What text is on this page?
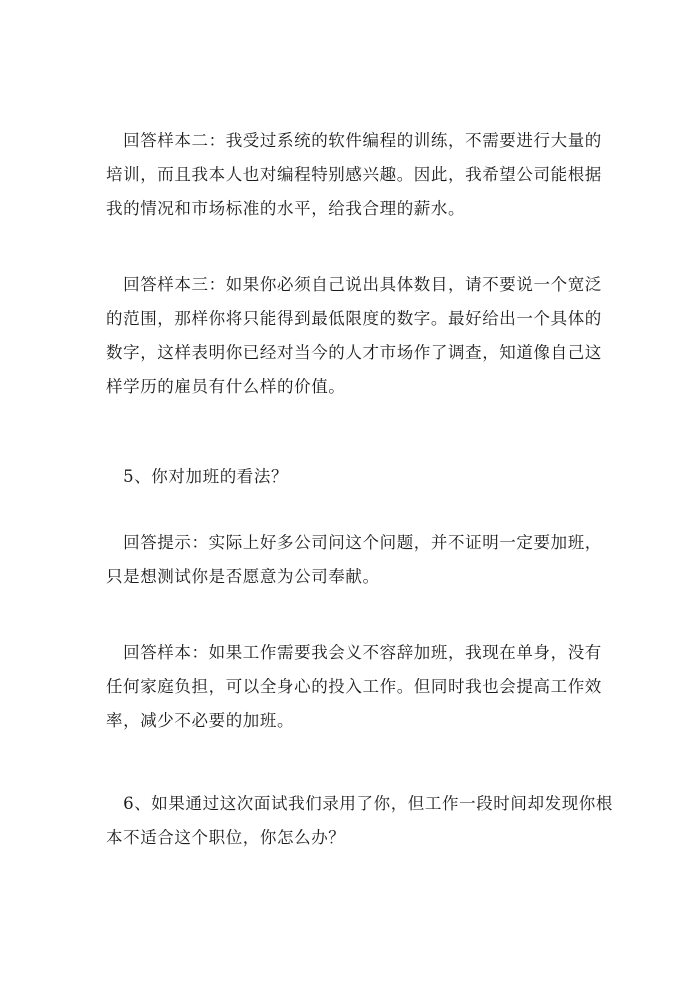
　回答样本二：我受过系统的软件编程的训练，不需要进行大量的
培训，而且我本人也对编程特别感兴趣。因此，我希望公司能根据
我的情况和市场标准的水平，给我合理的薪水。
　回答样本三：如果你必须自己说出具体数目，请不要说一个宽泛
的范围，那样你将只能得到最低限度的数字。最好给出一个具体的
数字，这样表明你已经对当今的人才市场作了调查，知道像自己这
样学历的雇员有什么样的价值。
　5、你对加班的看法？
　回答提示：实际上好多公司问这个问题，并不证明一定要加班，
只是想测试你是否愿意为公司奉献。
　回答样本：如果工作需要我会义不容辞加班，我现在单身，没有
任何家庭负担，可以全身心的投入工作。但同时我也会提高工作效
率，减少不必要的加班。
　6、如果通过这次面试我们录用了你，但工作一段时间却发现你根
本不适合这个职位，你怎么办？
